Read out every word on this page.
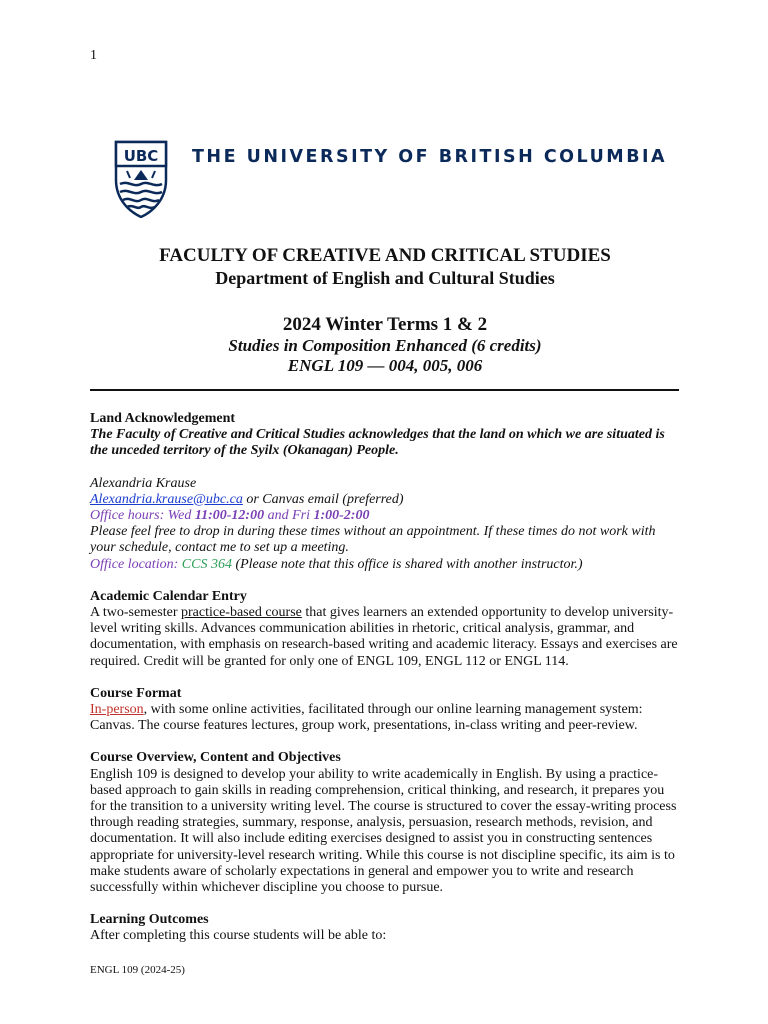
1
UBC THE UNIVERSITY OF BRITISH COLUMBIA
FACULTY OF CREATIVE AND CRITICAL STUDIES
Department of English and Cultural Studies
2024 Winter Terms 1 & 2
Studies in Composition Enhanced (6 credits)
ENGL 109 — 004, 005, 006

Land Acknowledgement

The Faculty of Creative and Critical Studies acknowledges that the land on which we are situated is the unceded territory of the Syilx (Okanagan) People.

Alexandria Krause

Alexandria.krause@ubc.ca or Canvas email (preferred)

Office hours: Wed 11:00-12:00 and Fri 1:00-2:00

Please feel free to drop in during these times without an appointment. If these times do not work with your schedule, contact me to set up a meeting.

Office location: CCS 364 (Please note that this office is shared with another instructor.)

Academic Calendar Entry

A two-semester practice-based course that gives learners an extended opportunity to develop university-level writing skills. Advances communication abilities in rhetoric, critical analysis, grammar, and documentation, with emphasis on research-based writing and academic literacy. Essays and exercises are required. Credit will be granted for only one of ENGL 109, ENGL 112 or ENGL 114.

Course Format

In-person, with some online activities, facilitated through our online learning management system: Canvas. The course features lectures, group work, presentations, in-class writing and peer-review.

Course Overview, Content and Objectives

English 109 is designed to develop your ability to write academically in English. By using a practice-based approach to gain skills in reading comprehension, critical thinking, and research, it prepares you for the transition to a university writing level. The course is structured to cover the essay-writing process through reading strategies, summary, response, analysis, persuasion, research methods, revision, and documentation. It will also include editing exercises designed to assist you in constructing sentences appropriate for university-level research writing. While this course is not discipline specific, its aim is to make students aware of scholarly expectations in general and empower you to write and research successfully within whichever discipline you choose to pursue.

Learning Outcomes

After completing this course students will be able to:

ENGL 109 (2024-25)
